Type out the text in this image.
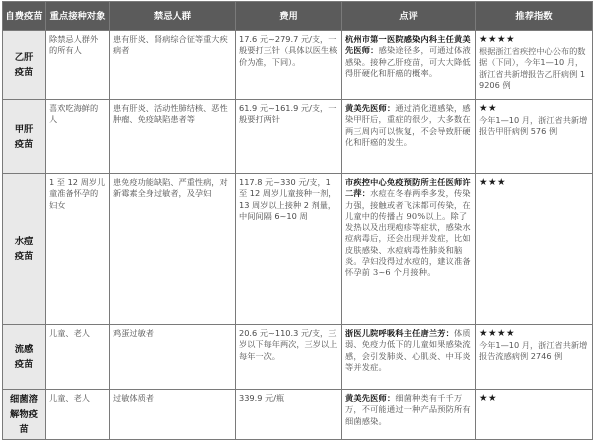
自费疫苗	重点接种对象	禁忌人群	费用	点评	推荐指数
乙肝疫苗	除禁忌人群外的所有人	患有肝炎、肾病综合征等重大疾病者	17.6 元~279.7 元/支，一般要打三针（具体以医生核价为准，下同）。	杭州市第一医院感染内科主任黄美先医师：感染途径多，可通过体液感染。接种乙肝疫苗，可大大降低得肝硬化和肝癌的概率。	★★★★
根据浙江省疾控中心公布的数据（下同），今年1—10 月，浙江省共新增报告乙肝病例 19206 例
甲肝疫苗	喜欢吃海鲜的人	患有肝炎、活动性肺结核、恶性肿瘤、免疫缺陷患者等	61.9 元~161.9 元/支，一般要打两针	黄美先医师：通过消化道感染，感染甲肝后，重症的很少，大多数在两三周内可以恢复，不会导致肝硬化和肝癌的发生。	★★
今年1—10 月，浙江省共新增报告甲肝病例 576 例
水痘疫苗	1 至 12 周岁儿童准备怀孕的妇女	患免疫功能缺陷、严重性病，对新霉素全身过敏者，及孕妇	117.8 元~330 元/支，1 至 12 周岁儿童接种一剂，13 周岁以上接种 2 剂量，中间间隔 6~10 周	市疾控中心免疫预防所主任医师许二萍：水痘在冬春两季多发，传染力强，接触或者飞沫都可传染，在儿童中的传播占 90%以上。除了发热以及出现疱疹等症状，感染水痘病毒后，还会出现并发症，比如皮肤感染、水痘病毒性肺炎和脑炎。孕妇没得过水痘的，建议准备怀孕前 3~6 个月接种。	★★★

流感疫苗	儿童、老人	鸡蛋过敏者	20.6 元~110.3 元/支，三岁以下每年两次，三岁以上每年一次。	浙医儿院呼吸科主任唐兰芳：体质弱、免疫力低下的儿童如果感染流感，会引发肺炎、心肌炎、中耳炎等并发症。	★★★★
今年1—10 月，浙江省共新增报告流感病例 2746 例
细菌溶解物疫苗	儿童、老人	过敏体质者	339.9 元/瓶	黄美先医师：细菌种类有千千万万，不可能通过一种产品预防所有细菌感染。	★★
